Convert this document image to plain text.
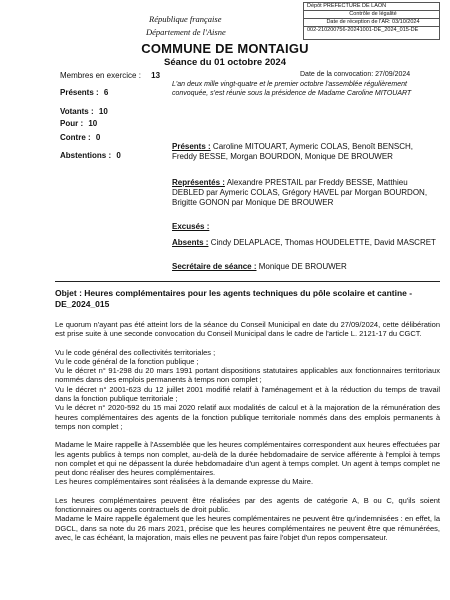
République française
Département de l'Aisne
Dépôt PREFECTURE DE LAON
Contrôle de légalité
Date de réception de l'AR: 03/10/2024
002-210200756-20241001-DE_2024_015-DE
COMMUNE DE MONTAIGU
Séance du 01 octobre 2024
Membres en exercice : 13
Présents : 6
Votants : 10
Pour : 10
Contre : 0
Abstentions : 0
Date de la convocation: 27/09/2024
L'an deux mille vingt-quatre et le premier octobre l'assemblée régulièrement convoquée, s'est réunie sous la présidence de Madame Caroline MITOUART
Présents : Caroline MITOUART, Aymeric COLAS, Benoît BENSCH, Freddy BESSE, Morgan BOURDON, Monique DE BROUWER
Représentés : Alexandre PRESTAIL par Freddy BESSE, Matthieu DEBLED par Aymeric COLAS, Grégory HAVEL par Morgan BOURDON, Brigitte GONON par Monique DE BROUWER
Excusés :
Absents : Cindy DELAPLACE, Thomas HOUDELETTE, David MASCRET
Secrétaire de séance : Monique DE BROUWER
Objet : Heures complémentaires pour les agents techniques du pôle scolaire et cantine - DE_2024_015

Le quorum n'ayant pas été atteint lors de la séance du Conseil Municipal en date du 27/09/2024, cette délibération est prise suite à une seconde convocation du Conseil Municipal dans le cadre de l'article L. 2121-17 du CGCT.

Vu le code général des collectivités territoriales ;

Vu le code général de la fonction publique ;

Vu le décret n° 91-298 du 20 mars 1991 portant dispositions statutaires applicables aux fonctionnaires territoriaux nommés dans des emplois permanents à temps non complet ;

Vu le décret n° 2001-623 du 12 juillet 2001 modifié relatif à l'aménagement et à la réduction du temps de travail dans la fonction publique territoriale ;

Vu le décret n° 2020-592 du 15 mai 2020 relatif aux modalités de calcul et à la majoration de la rémunération des heures complémentaires des agents de la fonction publique territoriale nommés dans des emplois permanents à temps non complet ;

Madame le Maire rappelle à l'Assemblée que les heures complémentaires correspondent aux heures effectuées par les agents publics à temps non complet, au-delà de la durée hebdomadaire de service afférente à l'emploi à temps non complet et qui ne dépassent la durée hebdomadaire d'un agent à temps complet. Un agent à temps complet ne peut donc réaliser des heures complémentaires.

Les heures complémentaires sont réalisées à la demande expresse du Maire.

Les heures complémentaires peuvent être réalisées par des agents de catégorie A, B ou C, qu'ils soient fonctionnaires ou agents contractuels de droit public.

Madame le Maire rappelle également que les heures complémentaires ne peuvent être qu'indemnisées : en effet, la DGCL, dans sa note du 26 mars 2021, précise que les heures complémentaires ne peuvent être que rémunérées, avec, le cas échéant, la majoration, mais elles ne peuvent pas faire l'objet d'un repos compensateur.
